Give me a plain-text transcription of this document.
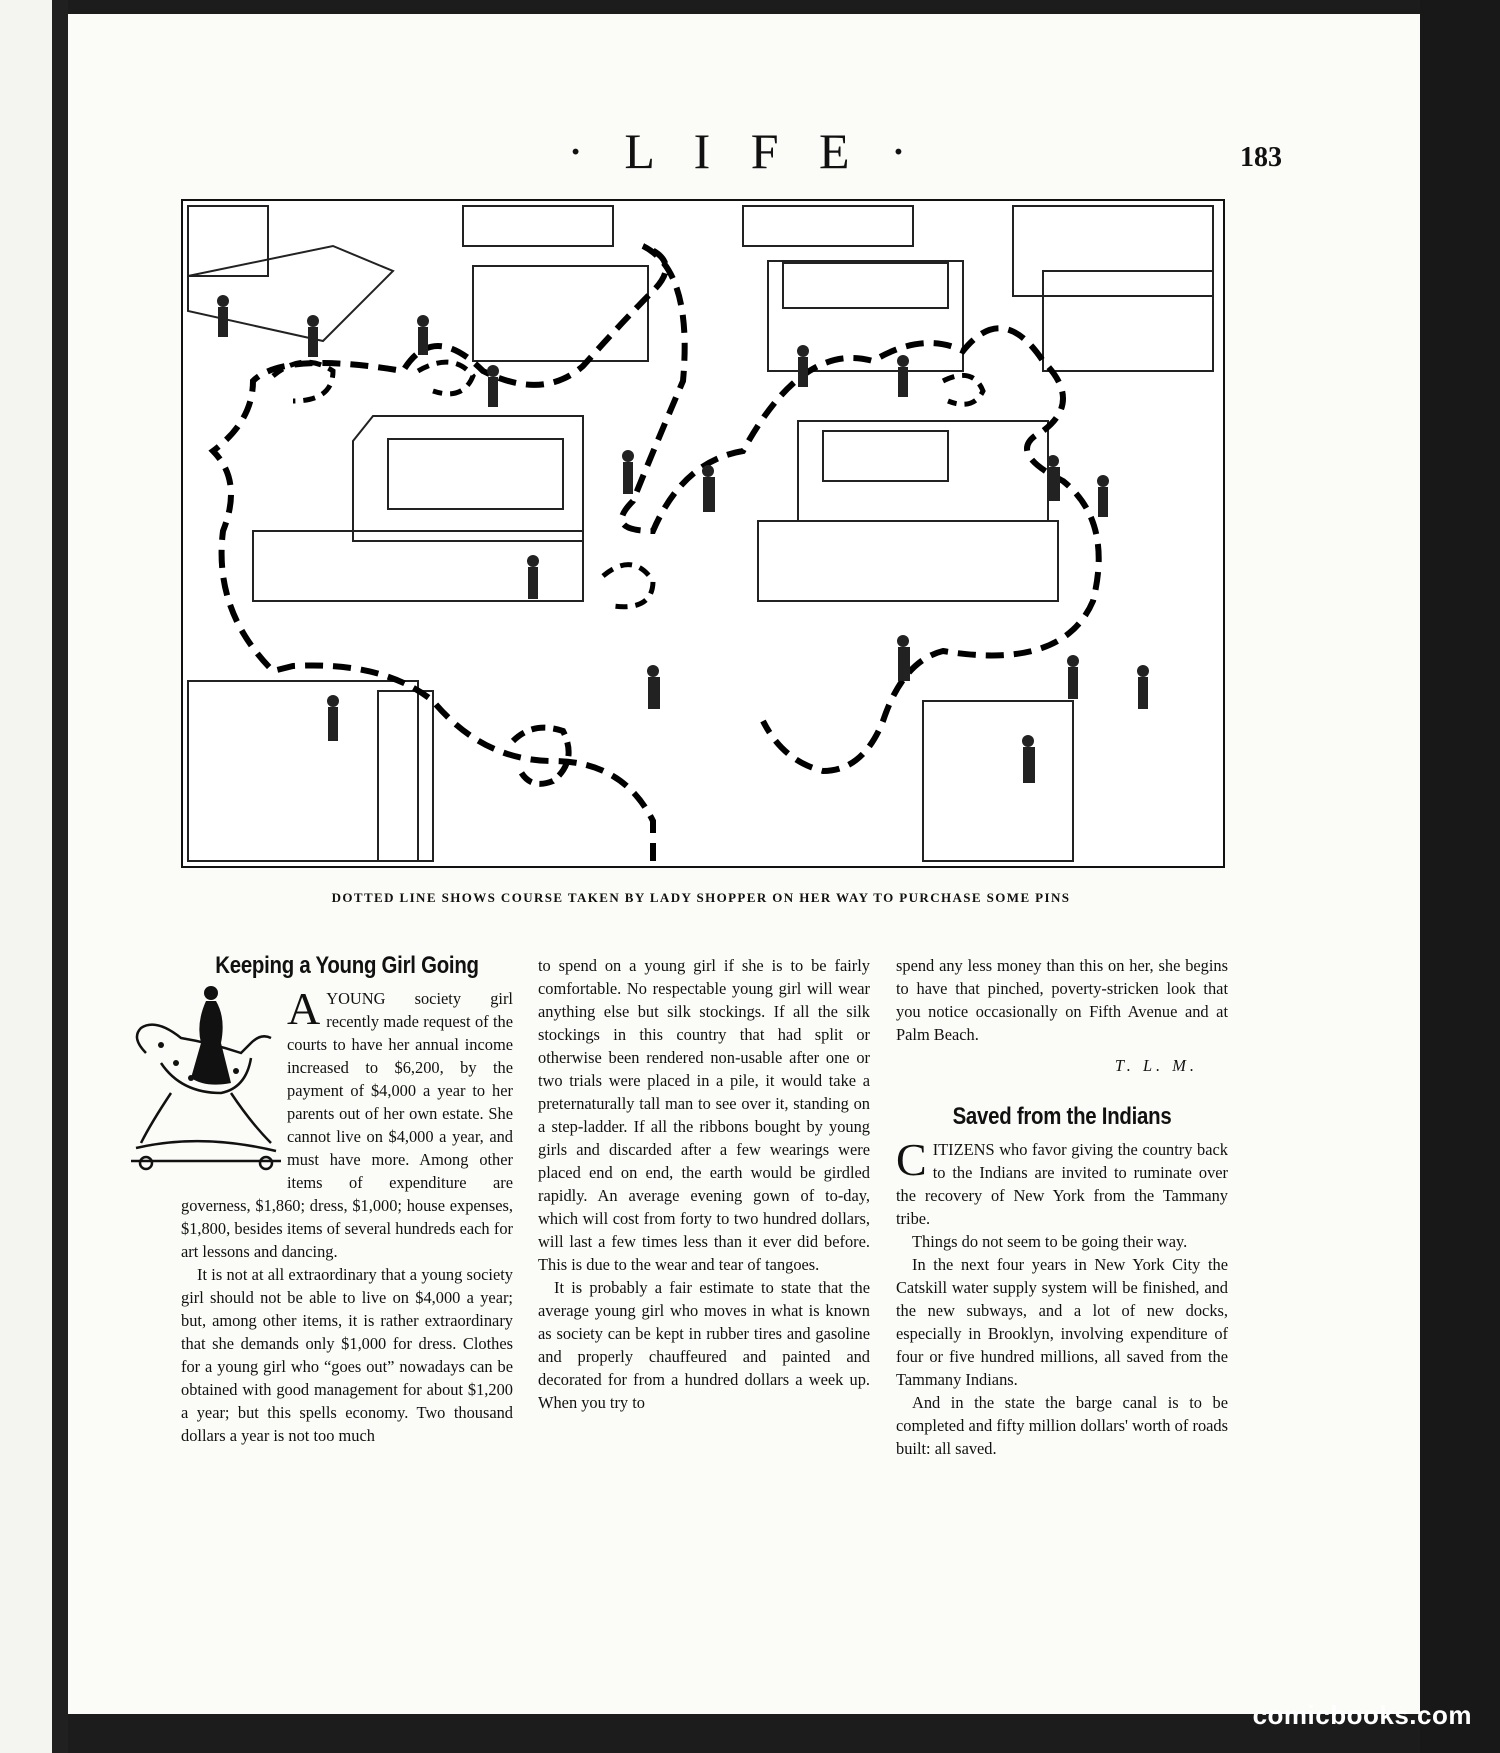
· L I F E ·	183
DOTTED LINE SHOWS COURSE TAKEN BY LADY SHOPPER ON HER WAY TO PURCHASE SOME PINS
Keeping a Young Girl Going

AYOUNG society girl recently made request of the courts to have her annual income increased to $6,200, by the payment of $4,000 a year to her parents out of her own estate. She cannot live on $4,000 a year, and must have more. Among other items of expenditure are governess, $1,860; dress, $1,000; house expenses, $1,800, besides items of several hundreds each for art lessons and dancing.

It is not at all extraordinary that a young society girl should not be able to live on $4,000 a year; but, among other items, it is rather extraordinary that she demands only $1,000 for dress. Clothes for a young girl who “goes out” nowadays can be obtained with good management for about $1,200 a year; but this spells economy. Two thousand dollars a year is not too much

to spend on a young girl if she is to be fairly comfortable. No respectable young girl will wear anything else but silk stockings. If all the silk stockings in this country that had split or otherwise been rendered non-usable after one or two trials were placed in a pile, it would take a preternaturally tall man to see over it, standing on a step-ladder. If all the ribbons bought by young girls and discarded after a few wearings were placed end on end, the earth would be girdled rapidly. An average evening gown of to-day, which will cost from forty to two hundred dollars, will last a few times less than it ever did before. This is due to the wear and tear of tangoes.

It is probably a fair estimate to state that the average young girl who moves in what is known as society can be kept in rubber tires and gasoline and properly chauffeured and painted and decorated for from a hundred dollars a week up. When you try to

spend any less money than this on her, she begins to have that pinched, poverty-stricken look that you notice occasionally on Fifth Avenue and at Palm Beach.

T. L. M.

Saved from the Indians

CITIZENS who favor giving the country back to the Indians are invited to ruminate over the recovery of New York from the Tammany tribe.

Things do not seem to be going their way.

In the next four years in New York City the Catskill water supply system will be finished, and the new subways, and a lot of new docks, especially in Brooklyn, involving expenditure of four or five hundred millions, all saved from the Tammany Indians.

And in the state the barge canal is to be completed and fifty million dollars' worth of roads built: all saved.

comicbooks.com
